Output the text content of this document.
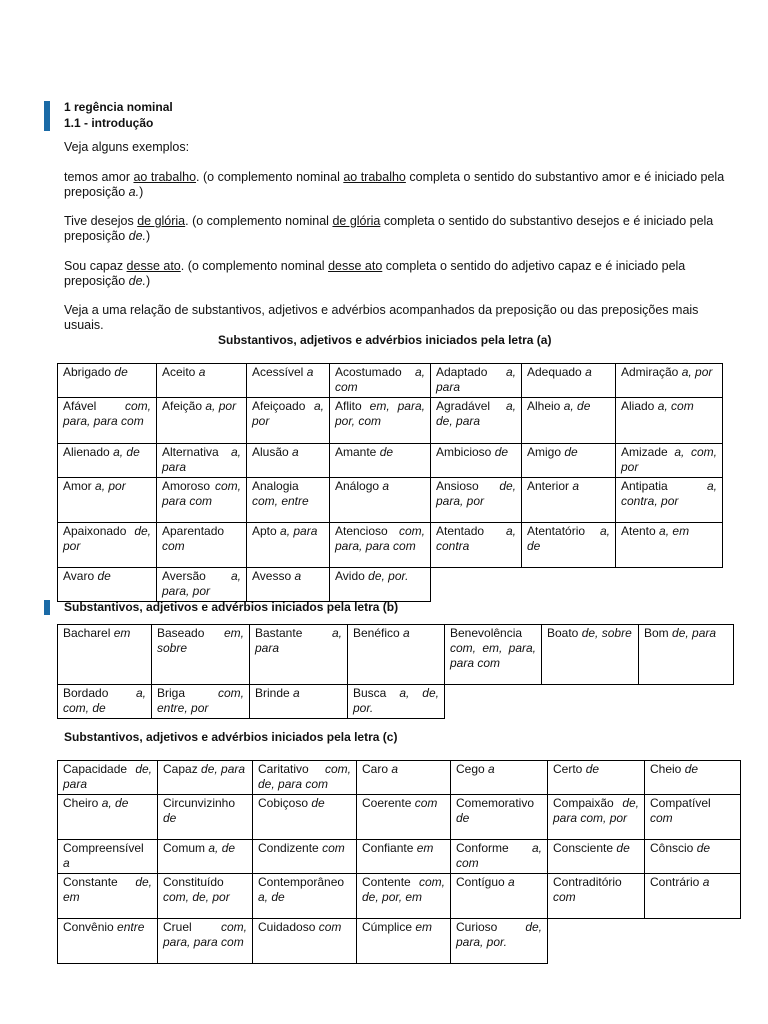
1 regência nominal
1.1 - introdução
Veja alguns exemplos:
temos amor ao trabalho. (o complemento nominal ao trabalho completa o sentido do substantivo amor e é iniciado pela preposição a.)
Tive desejos de glória. (o complemento nominal de glória completa o sentido do substantivo desejos e é iniciado pela preposição de.)
Sou capaz desse ato. (o complemento nominal desse ato completa o sentido do adjetivo capaz e é iniciado pela preposição de.)
Veja a uma relação de substantivos, adjetivos e advérbios acompanhados da preposição ou das preposições mais usuais.
Substantivos, adjetivos e advérbios iniciados pela letra (a)
Abrigado de	Aceito a	Acessível a	Acostumado a, com	Adaptado a, para	Adequado a	Admiração a, por
Afável com, para, para com	Afeição a, por	Afeiçoado a, por	Aflito em, para, por, com	Agradável a, de, para	Alheio a, de	Aliado a, com
Alienado a, de	Alternativa a, para	Alusão a	Amante de	Ambicioso de	Amigo de	Amizade a, com, por
Amor a, por	Amoroso com, para com	Analogia com, entre	Análogo a	Ansioso de, para, por	Anterior a	Antipatia a, contra, por
Apaixonado de, por	Aparentado com	Apto a, para	Atencioso com, para, para com	Atentado a, contra	Atentatório a, de	Atento a, em
Avaro de	Aversão a, para, por	Avesso a	Avido de, por.			
Substantivos, adjetivos e advérbios iniciados pela letra (b)
Bacharel em	Baseado em, sobre	Bastante a, para	Benéfico a	Benevolência com, em, para, para com	Boato de, sobre	Bom de, para
Bordado a, com, de	Briga com, entre, por	Brinde a	Busca a, de, por.			
Substantivos, adjetivos e advérbios iniciados pela letra (c)
Capacidade de, para	Capaz de, para	Caritativo com, de, para com	Caro a	Cego a	Certo de	Cheio de
Cheiro a, de	Circunvizinho de	Cobiçoso de	Coerente com	Comemorativo de	Compaixão de, para com, por	Compatível com
Compreensível a	Comum a, de	Condizente com	Confiante em	Conforme a, com	Consciente de	Cônscio de
Constante de, em	Constituído com, de, por	Contemporâneo a, de	Contente com, de, por, em	Contíguo a	Contraditório com	Contrário a
Convênio entre	Cruel com, para, para com	Cuidadoso com	Cúmplice em	Curioso de, para, por.		
